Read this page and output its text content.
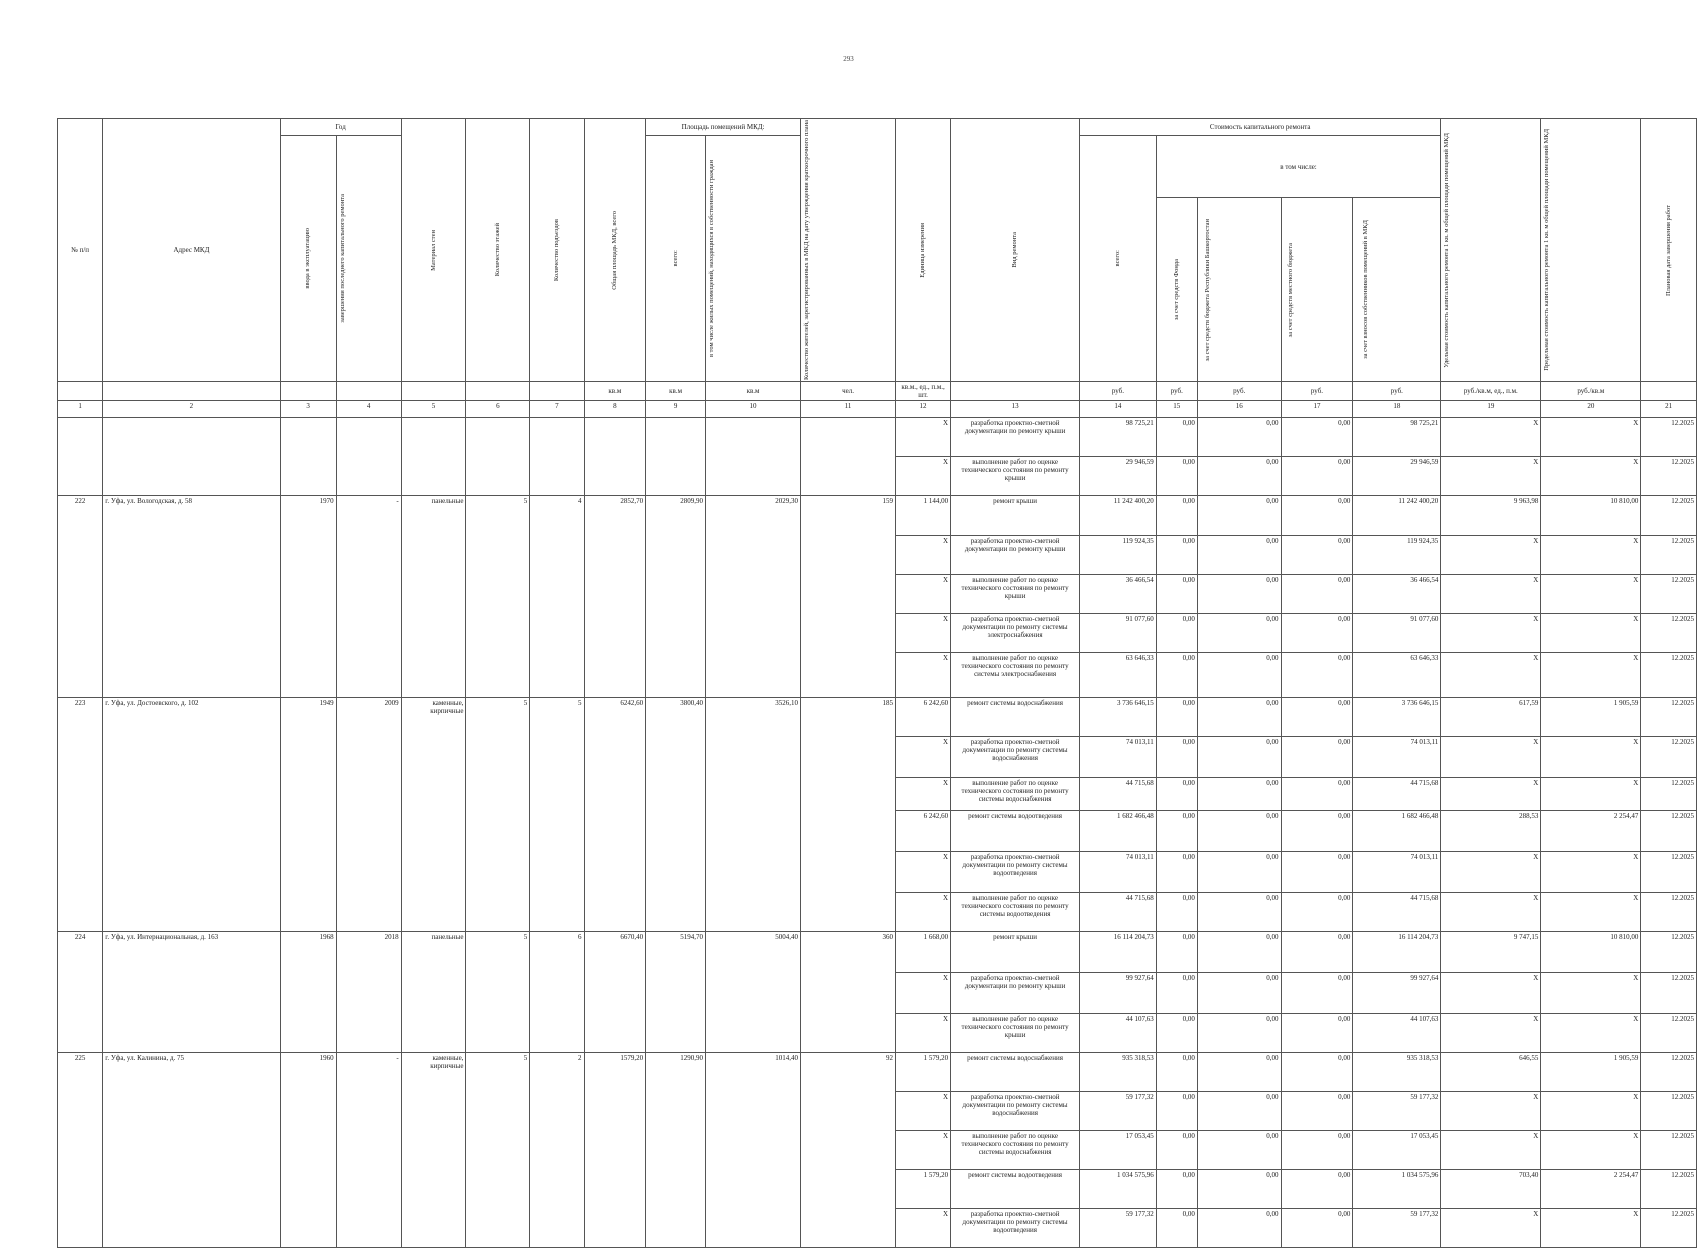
293
№ п/п	Адрес МКД	Год		Материал стен	Количество этажей	Количество подъездов	Общая площадь МКД, всего	Площадь помещений МКД:		Количество жителей, зарегистрированных в МКД на дату утверждения краткосрочного плана	Единица измерения	Вид ремонта	Стоимость капитального ремонта					Удельная стоимость капитального ремонта 1 кв. м общей площади помещений МКД	Предельная стоимость капитального ремонта 1 кв. м общей площади помещений МКД	Плановая дата завершения работ

		ввода в эксплуатацию	завершения последнего капитального ремонта					всего:	в том числе жилых помещений, находящихся в собственности граждан				всего:	в том числе:						

														за счет средств Фонда	за счет средств бюджета Республики Башкортостан	за счет средств местного бюджета	за счет взносов собственников помещений в МКД			

							кв.м	кв.м	кв.м	чел.	кв.м., ед., п.м., шт.		руб.	руб.	руб.	руб.	руб.	руб./кв.м, ед., п.м.	руб./кв.м	
1	2	3	4	5	6	7	8	9	10	11	12	13	14	15	16	17	18	19	20	21
											X	разработка проектно-сметной документации по ремонту крыши	98 725,21	0,00	0,00	0,00	98 725,21	X	X	12.2025
											X	выполнение работ по оценке технического состояния по ремонту крыши	29 946,59	0,00	0,00	0,00	29 946,59	X	X	12.2025
222	г. Уфа, ул. Вологодская, д. 58	1970	-	панельные	5	4	2852,70	2809,90	2029,30	159	1 144,00	ремонт крыши	11 242 400,20	0,00	0,00	0,00	11 242 400,20	9 963,98	10 810,00	12.2025
											X	разработка проектно-сметной документации по ремонту крыши	119 924,35	0,00	0,00	0,00	119 924,35	X	X	12.2025
											X	выполнение работ по оценке технического состояния по ремонту крыши	36 466,54	0,00	0,00	0,00	36 466,54	X	X	12.2025
											X	разработка проектно-сметной документации по ремонту системы электроснабжения	91 077,60	0,00	0,00	0,00	91 077,60	X	X	12.2025
											X	выполнение работ по оценке технического состояния по ремонту системы электроснабжения	63 646,33	0,00	0,00	0,00	63 646,33	X	X	12.2025
223	г. Уфа, ул. Достоевского, д. 102	1949	2009	каменные, кирпичные	5	5	6242,60	3800,40	3526,10	185	6 242,60	ремонт системы водоснабжения	3 736 646,15	0,00	0,00	0,00	3 736 646,15	617,59	1 905,59	12.2025
											X	разработка проектно-сметной документации по ремонту системы водоснабжения	74 013,11	0,00	0,00	0,00	74 013,11	X	X	12.2025
											X	выполнение работ по оценке технического состояния по ремонту системы водоснабжения	44 715,68	0,00	0,00	0,00	44 715,68	X	X	12.2025
											6 242,60	ремонт системы водоотведения	1 682 466,48	0,00	0,00	0,00	1 682 466,48	288,53	2 254,47	12.2025
											X	разработка проектно-сметной документации по ремонту системы водоотведения	74 013,11	0,00	0,00	0,00	74 013,11	X	X	12.2025
											X	выполнение работ по оценке технического состояния по ремонту системы водоотведения	44 715,68	0,00	0,00	0,00	44 715,68	X	X	12.2025
224	г. Уфа, ул. Интернациональная, д. 163	1968	2018	панельные	5	6	6670,40	5194,70	5004,40	360	1 668,00	ремонт крыши	16 114 204,73	0,00	0,00	0,00	16 114 204,73	9 747,15	10 810,00	12.2025
											X	разработка проектно-сметной документации по ремонту крыши	99 927,64	0,00	0,00	0,00	99 927,64	X	X	12.2025
											X	выполнение работ по оценке технического состояния по ремонту крыши	44 107,63	0,00	0,00	0,00	44 107,63	X	X	12.2025
225	г. Уфа, ул. Калинина, д. 75	1960	-	каменные, кирпичные	5	2	1579,20	1290,90	1014,40	92	1 579,20	ремонт системы водоснабжения	935 318,53	0,00	0,00	0,00	935 318,53	646,55	1 905,59	12.2025
											X	разработка проектно-сметной документации по ремонту системы водоснабжения	59 177,32	0,00	0,00	0,00	59 177,32	X	X	12.2025
											X	выполнение работ по оценке технического состояния по ремонту системы водоснабжения	17 053,45	0,00	0,00	0,00	17 053,45	X	X	12.2025
											1 579,20	ремонт системы водоотведения	1 034 575,96	0,00	0,00	0,00	1 034 575,96	703,40	2 254,47	12.2025
											X	разработка проектно-сметной документации по ремонту системы водоотведения	59 177,32	0,00	0,00	0,00	59 177,32	X	X	12.2025
